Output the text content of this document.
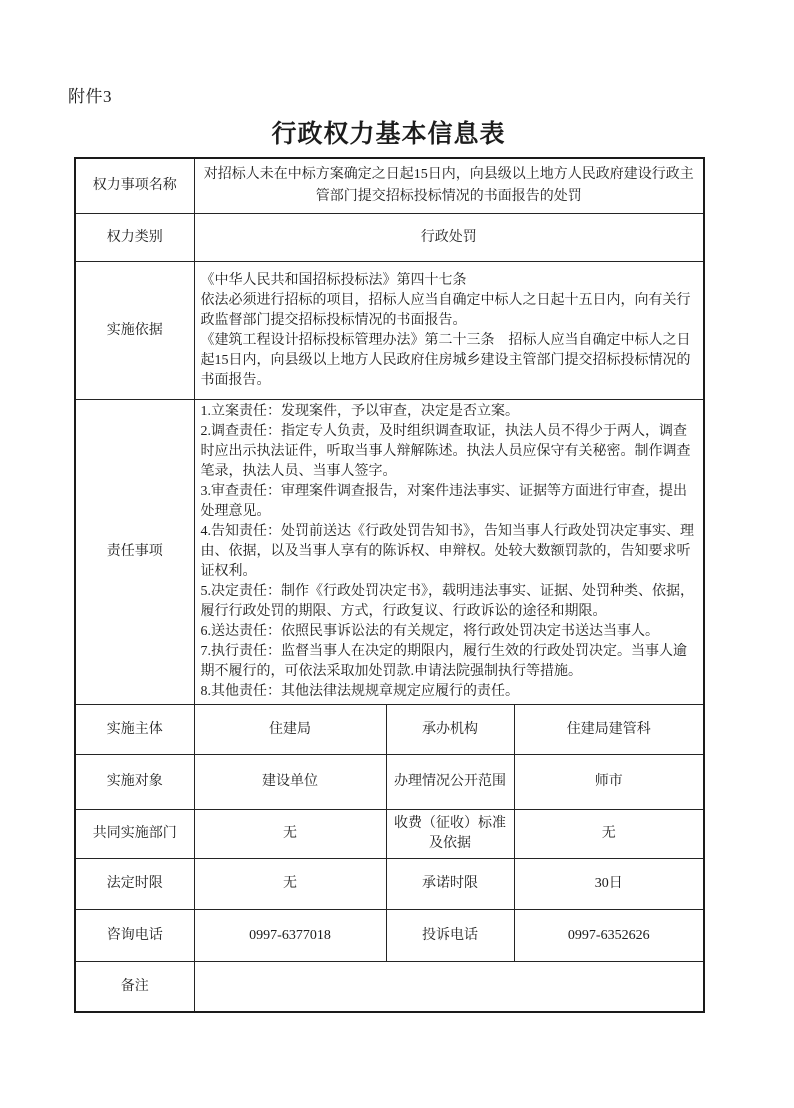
附件3
行政权力基本信息表
权力事项名称	对招标人未在中标方案确定之日起15日内，向县级以上地方人民政府建设行政主管部门提交招标投标情况的书面报告的处罚		
权力类别	行政处罚		
实施依据	《中华人民共和国招标投标法》第四十七条
依法必须进行招标的项目，招标人应当自确定中标人之日起十五日内，向有关行政监督部门提交招标投标情况的书面报告。
《建筑工程设计招标投标管理办法》第二十三条　招标人应当自确定中标人之日起15日内，向县级以上地方人民政府住房城乡建设主管部门提交招标投标情况的书面报告。		

责任事项	
1.立案责任：发现案件，予以审查，决定是否立案。
2.调查责任：指定专人负责，及时组织调查取证，执法人员不得少于两人，调查时应出示执法证件，听取当事人辩解陈述。执法人员应保守有关秘密。制作调查笔录，执法人员、当事人签字。
3.审查责任：审理案件调查报告，对案件违法事实、证据等方面进行审查，提出处理意见。
4.告知责任：处罚前送达《行政处罚告知书》，告知当事人行政处罚决定事实、理由、依据，以及当事人享有的陈诉权、申辩权。处较大数额罚款的，告知要求听证权利。
5.决定责任：制作《行政处罚决定书》，载明违法事实、证据、处罚种类、依据，履行行政处罚的期限、方式，行政复议、行政诉讼的途径和期限。
6.送达责任：依照民事诉讼法的有关规定，将行政处罚决定书送达当事人。
7.执行责任：监督当事人在决定的期限内，履行生效的行政处罚决定。当事人逾期不履行的，可依法采取加处罚款.申请法院强制执行等措施。
8.其他责任：其他法律法规规章规定应履行的责任。

实施主体	住建局	承办机构	住建局建管科
实施对象	建设单位	办理情况公开范围	师市
共同实施部门	无	收费（征收）标准及依据	无
法定时限	无	承诺时限	30日
咨询电话	0997-6377018	投诉电话	0997-6352626
备注			
